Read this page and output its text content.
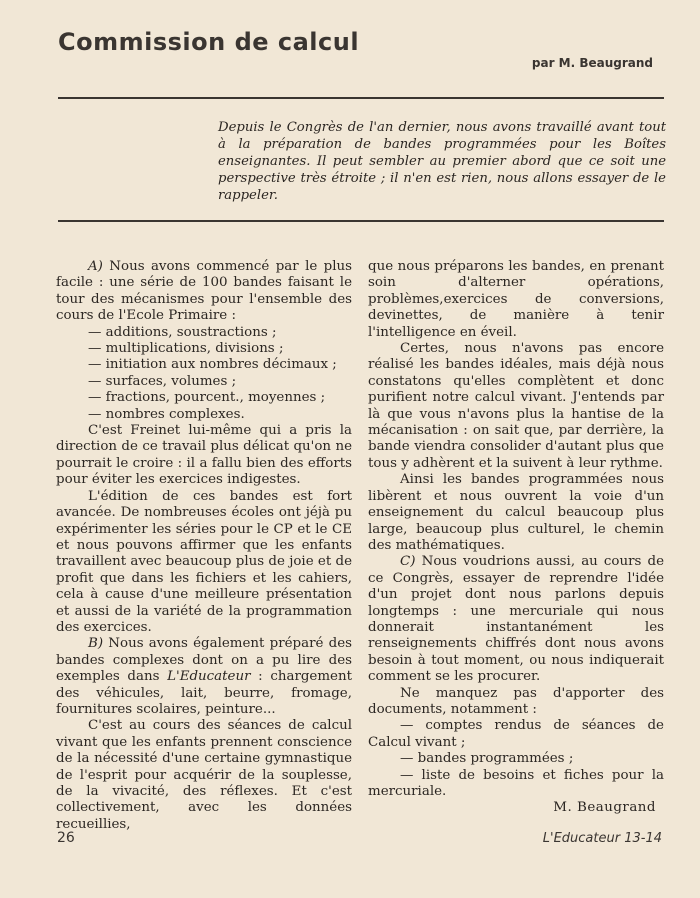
Commission de calcul
par M. Beaugrand

Depuis le Congrès de l'an dernier, nous avons travaillé avant tout à la préparation de bandes programmées pour les Boîtes enseignantes. Il peut sembler au premier abord que ce soit une perspective très étroite ; il n'en est rien, nous allons essayer de le rappeler.

A) Nous avons commencé par le plus facile : une série de 100 bandes faisant le tour des mécanismes pour l'ensemble des cours de l'Ecole Primaire :

— additions, soustractions ;

— multiplications, divisions ;

— initiation aux nombres décimaux ;

— surfaces, volumes ;

— fractions, pourcent., moyennes ;

— nombres complexes.

C'est Freinet lui-même qui a pris la direction de ce travail plus délicat qu'on ne pourrait le croire : il a fallu bien des efforts pour éviter les exercices indigestes.

L'édition de ces bandes est fort avancée. De nombreuses écoles ont jéjà pu expérimenter les séries pour le CP et le CE et nous pouvons affirmer que les enfants travaillent avec beaucoup plus de joie et de profit que dans les fichiers et les cahiers, cela à cause d'une meilleure présentation et aussi de la variété de la programmation des exercices.

B) Nous avons également préparé des bandes complexes dont on a pu lire des exemples dans L'Educateur : chargement des véhicules, lait, beurre, fromage, fournitures scolaires, peinture...

C'est au cours des séances de calcul vivant que les enfants prennent conscience de la nécessité d'une certaine gymnastique de l'esprit pour acquérir de la souplesse, de la vivacité, des réflexes. Et c'est collectivement, avec les données recueillies,

que nous préparons les bandes, en prenant soin d'alterner opérations, problèmes,exercices de conversions, devinettes, de manière à tenir l'intelligence en éveil.

Certes, nous n'avons pas encore réalisé les bandes idéales, mais déjà nous constatons qu'elles complètent et donc purifient notre calcul vivant. J'entends par là que vous n'avons plus la hantise de la mécanisation : on sait que, par derrière, la bande viendra consolider d'autant plus que tous y adhèrent et la suivent à leur rythme.

Ainsi les bandes programmées nous libèrent et nous ouvrent la voie d'un enseignement du calcul beaucoup plus large, beaucoup plus culturel, le chemin des mathématiques.

C) Nous voudrions aussi, au cours de ce Congrès, essayer de reprendre l'idée d'un projet dont nous parlons depuis longtemps : une mercuriale qui nous donnerait instantanément les renseignements chiffrés dont nous avons besoin à tout moment, ou nous indiquerait comment se les procurer.

Ne manquez pas d'apporter des documents, notamment :

— comptes rendus de séances de Calcul vivant ;

— bandes programmées ;

— liste de besoins et fiches pour la mercuriale.

M. Beaugrand

26	L'Educateur 13-14
